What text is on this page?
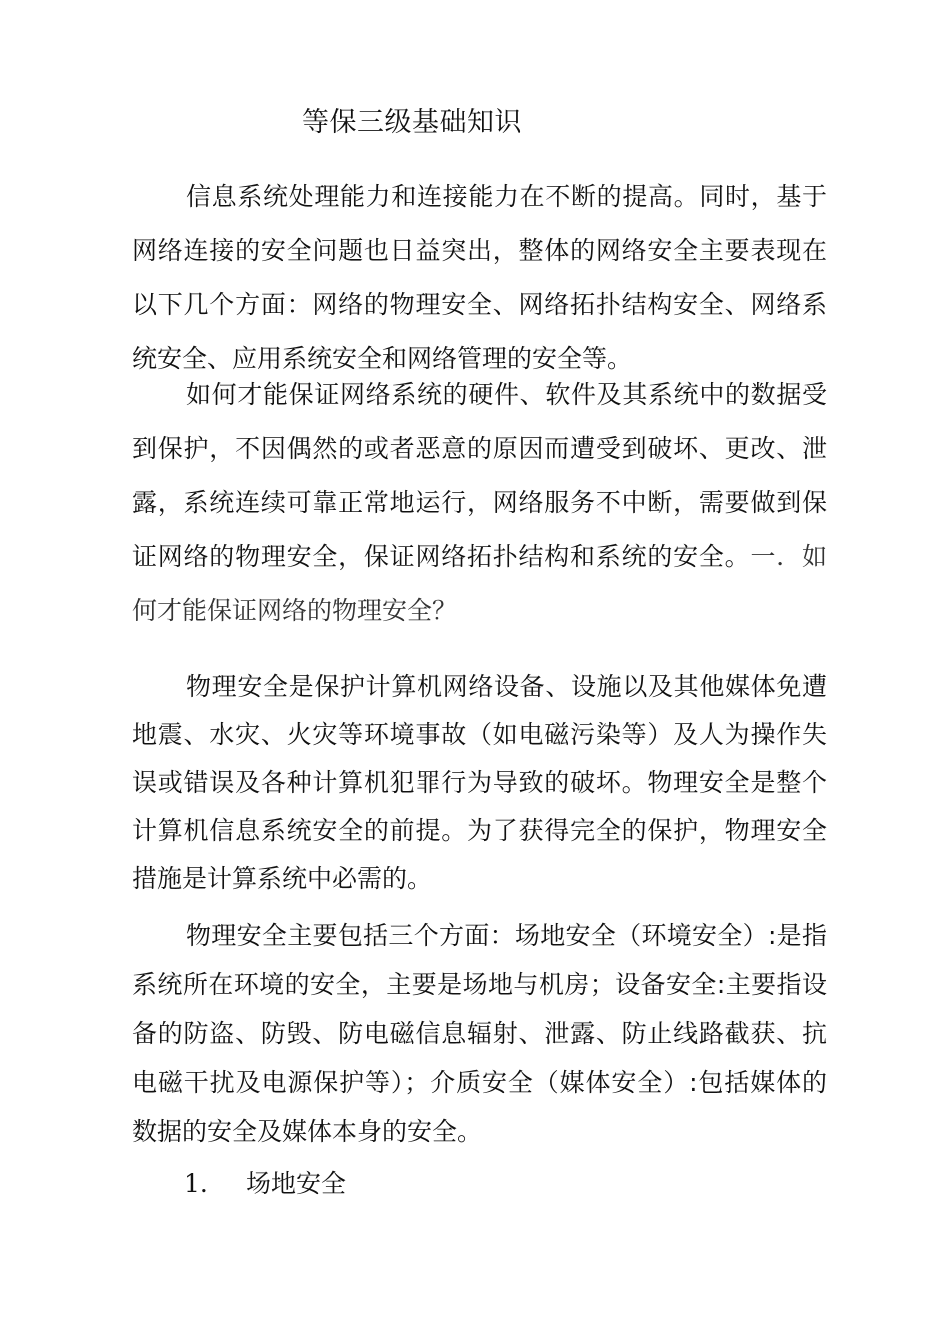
等保三级基础知识

信息系统处理能力和连接能力在不断的提高。同时，基于网络连接的安全问题也日益突出，整体的网络安全主要表现在以下几个方面：网络的物理安全、网络拓扑结构安全、网络系统安全、应用系统安全和网络管理的安全等。

如何才能保证网络系统的硬件、软件及其系统中的数据受到保护，不因偶然的或者恶意的原因而遭受到破坏、更改、泄露，系统连续可靠正常地运行，网络服务不中断，需要做到保证网络的物理安全，保证网络拓扑结构和系统的安全。一．如何才能保证网络的物理安全？

物理安全是保护计算机网络设备、设施以及其他媒体免遭地震、水灾、火灾等环境事故（如电磁污染等）及人为操作失误或错误及各种计算机犯罪行为导致的破坏。物理安全是整个计算机信息系统安全的前提。为了获得完全的保护，物理安全措施是计算系统中必需的。

物理安全主要包括三个方面：场地安全（环境安全）:是指系统所在环境的安全，主要是场地与机房；设备安全:主要指设备的防盗、防毁、防电磁信息辐射、泄露、防止线路截获、抗电磁干扰及电源保护等）；介质安全（媒体安全）:包括媒体的数据的安全及媒体本身的安全。

1. 场地安全
